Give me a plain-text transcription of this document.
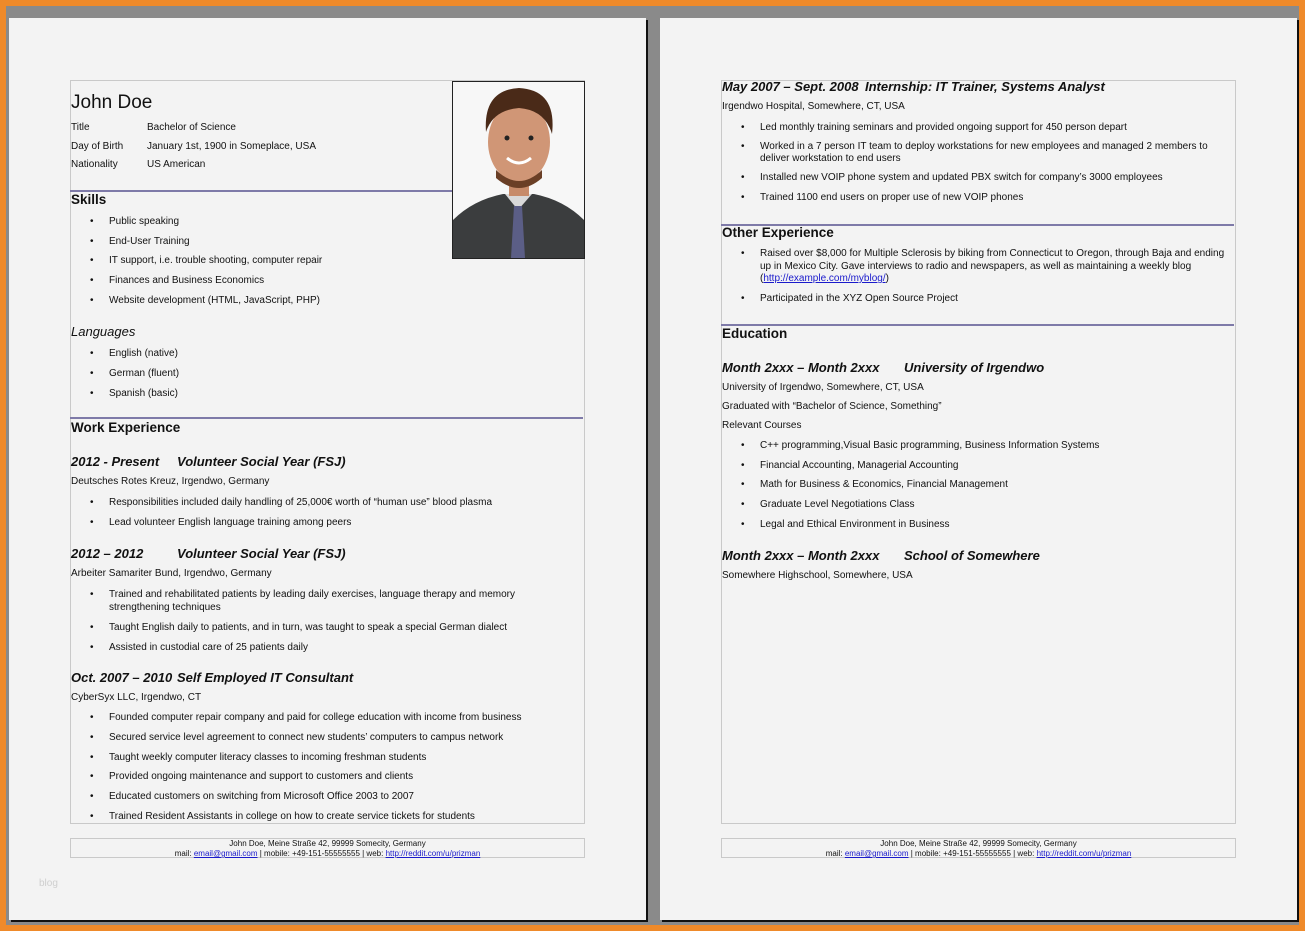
John Doe
Title	Bachelor of Science
Day of Birth January 1st, 1900 in Someplace, USA
Nationality	US American
Skills
• Public speaking
• End-User Training
• IT support, i.e. trouble shooting, computer repair
• Finances and Business Economics
• Website development (HTML, JavaScript, PHP)
Languages
• English (native)
• German (fluent)
• Spanish (basic)
Work Experience
2012 - Present Volunteer Social Year (FSJ)
Deutsches Rotes Kreuz, Irgendwo, Germany
• Responsibilities included daily handling of 25,000€ worth of “human use” blood plasma
• Lead volunteer English language training among peers
2012 – 2012	Volunteer Social Year (FSJ)
Arbeiter Samariter Bund, Irgendwo, Germany
• Trained and rehabilitated patients by leading daily exercises, language therapy and memory strengthening techniques
• Taught English daily to patients, and in turn, was taught to speak a special German dialect
• Assisted in custodial care of 25 patients daily
Oct. 2007 – 2010 Self Employed IT Consultant
CyberSyx LLC, Irgendwo, CT
• Founded computer repair company and paid for college education with income from business
• Secured service level agreement to connect new students’ computers to campus network
• Taught weekly computer literacy classes to incoming freshman students
• Provided ongoing maintenance and support to customers and clients
• Educated customers on switching from Microsoft Office 2003 to 2007
• Trained Resident Assistants in college on how to create service tickets for students
John Doe, Meine Straße 42, 99999 Somecity, Germany
mail: email@gmail.com | mobile: +49-151-55555555 | web: http://reddit.com/u/prizman
blog
May 2007 – Sept. 2008 Internship: IT Trainer, Systems Analyst
Irgendwo Hospital, Somewhere, CT, USA
• Led monthly training seminars and provided ongoing support for 450 person depart
• Worked in a 7 person IT team to deploy workstations for new employees and managed 2 members to deliver workstation to end users
• Installed new VOIP phone system and updated PBX switch for company’s 3000 employees
• Trained 1100 end users on proper use of new VOIP phones
Other Experience
• Raised over $8,000 for Multiple Sclerosis by biking from Connecticut to Oregon, through Baja and ending up in Mexico City. Gave interviews to radio and newspapers, as well as maintaining a weekly blog (http://example.com/myblog/)
• Participated in the XYZ Open Source Project
Education
Month 2xxx – Month 2xxx University of Irgendwo
University of Irgendwo, Somewhere, CT, USA
Graduated with “Bachelor of Science, Something”
Relevant Courses
• C++ programming,Visual Basic programming, Business Information Systems
• Financial Accounting, Managerial Accounting
• Math for Business & Economics, Financial Management
• Graduate Level Negotiations Class
• Legal and Ethical Environment in Business
Month 2xxx – Month 2xxx School of Somewhere
Somewhere Highschool, Somewhere, USA
John Doe, Meine Straße 42, 99999 Somecity, Germany
mail: email@gmail.com | mobile: +49-151-55555555 | web: http://reddit.com/u/prizman
